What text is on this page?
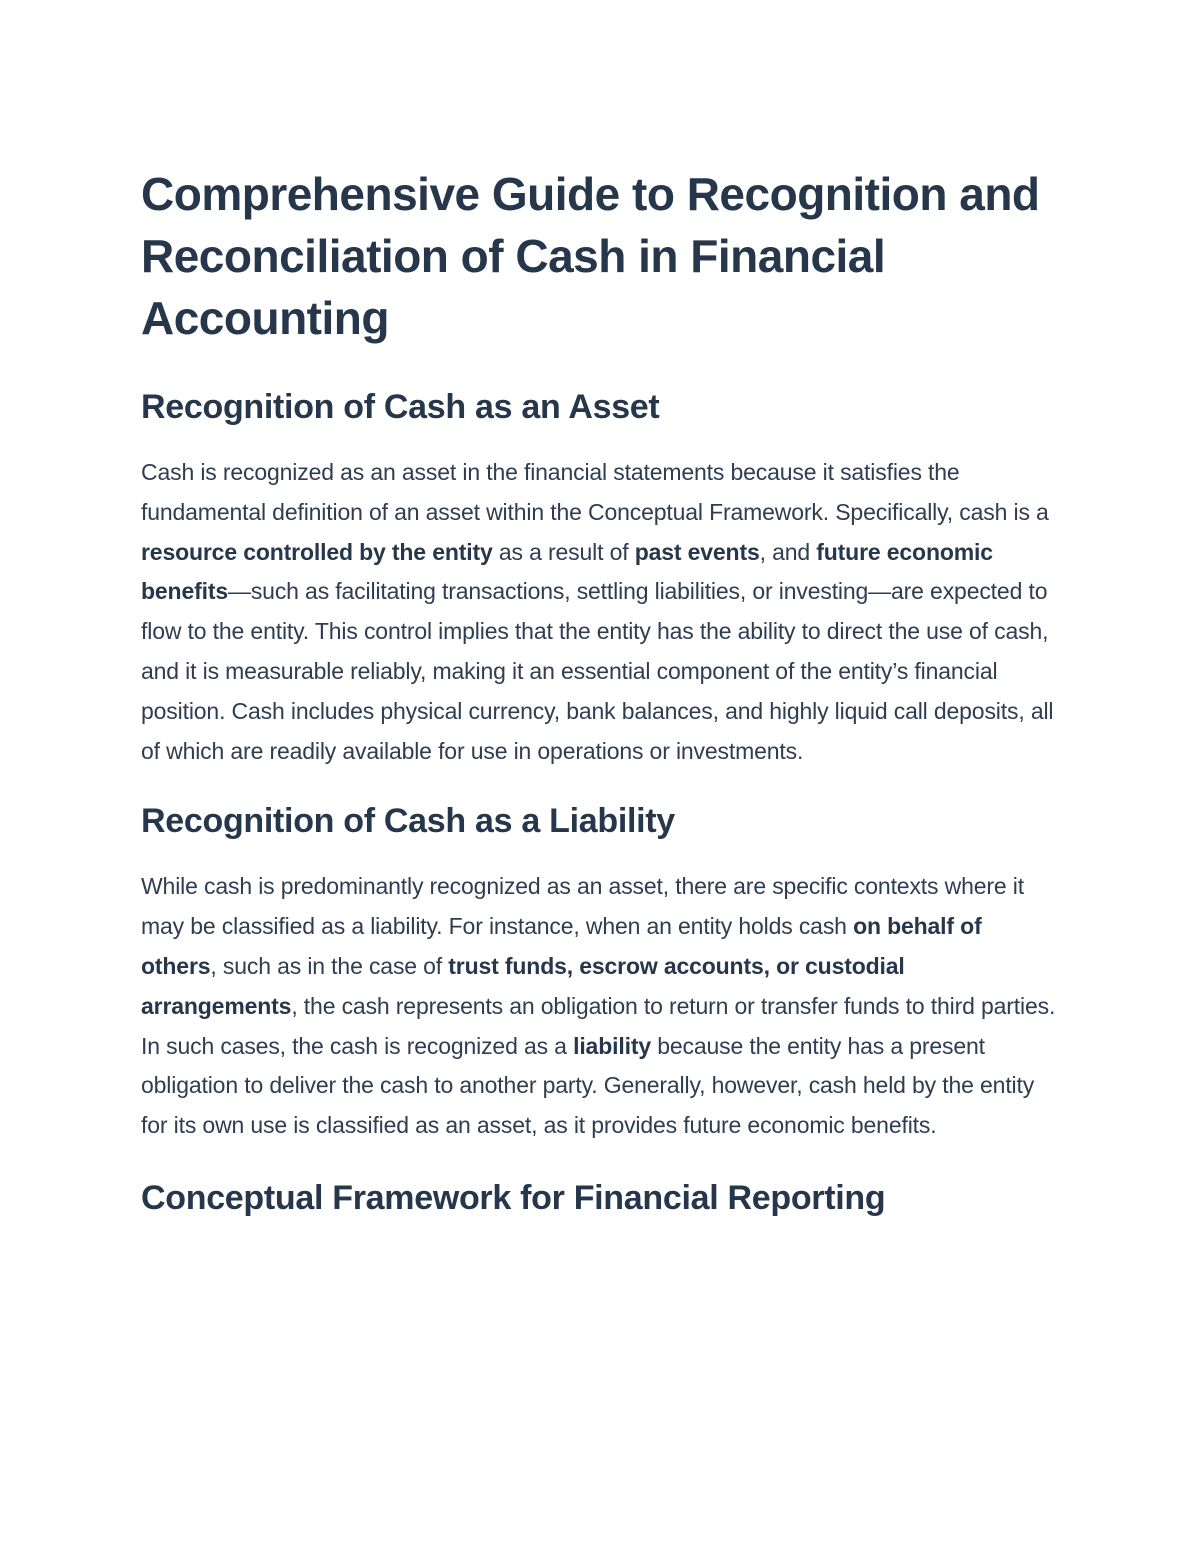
Comprehensive Guide to Recognition and Reconciliation of Cash in Financial Accounting
Recognition of Cash as an Asset

Cash is recognized as an asset in the financial statements because it satisfies the fundamental definition of an asset within the Conceptual Framework. Specifically, cash is a resource controlled by the entity as a result of past events, and future economic benefits—such as facilitating transactions, settling liabilities, or investing—are expected to flow to the entity. This control implies that the entity has the ability to direct the use of cash, and it is measurable reliably, making it an essential component of the entity’s financial position. Cash includes physical currency, bank balances, and highly liquid call deposits, all of which are readily available for use in operations or investments.

Recognition of Cash as a Liability

While cash is predominantly recognized as an asset, there are specific contexts where it may be classified as a liability. For instance, when an entity holds cash on behalf of others, such as in the case of trust funds, escrow accounts, or custodial arrangements, the cash represents an obligation to return or transfer funds to third parties. In such cases, the cash is recognized as a liability because the entity has a present obligation to deliver the cash to another party. Generally, however, cash held by the entity for its own use is classified as an asset, as it provides future economic benefits.

Conceptual Framework for Financial Reporting
